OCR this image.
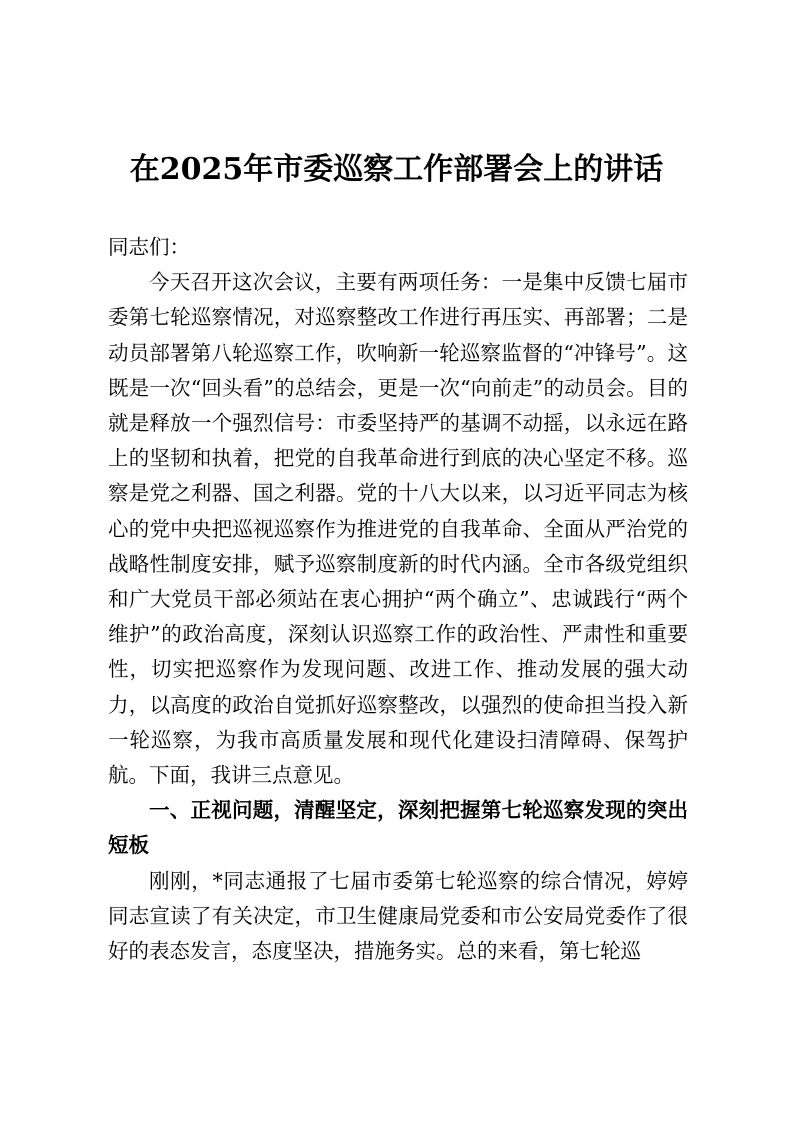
在2025年市委巡察工作部署会上的讲话

同志们：

今天召开这次会议，主要有两项任务：一是集中反馈七届市委第七轮巡察情况，对巡察整改工作进行再压实、再部署；二是动员部署第八轮巡察工作，吹响新一轮巡察监督的“冲锋号”。这既是一次“回头看”的总结会，更是一次“向前走”的动员会。目的就是释放一个强烈信号：市委坚持严的基调不动摇，以永远在路上的坚韧和执着，把党的自我革命进行到底的决心坚定不移。巡察是党之利器、国之利器。党的十八大以来，以习近平同志为核心的党中央把巡视巡察作为推进党的自我革命、全面从严治党的战略性制度安排，赋予巡察制度新的时代内涵。全市各级党组织和广大党员干部必须站在衷心拥护“两个确立”、忠诚践行“两个维护”的政治高度，深刻认识巡察工作的政治性、严肃性和重要性，切实把巡察作为发现问题、改进工作、推动发展的强大动力，以高度的政治自觉抓好巡察整改，以强烈的使命担当投入新一轮巡察，为我市高质量发展和现代化建设扫清障碍、保驾护航。下面，我讲三点意见。

一、正视问题，清醒坚定，深刻把握第七轮巡察发现的突出短板

刚刚，*同志通报了七届市委第七轮巡察的综合情况，婷婷同志宣读了有关决定，市卫生健康局党委和市公安局党委作了很好的表态发言，态度坚决，措施务实。总的来看，第七轮巡
